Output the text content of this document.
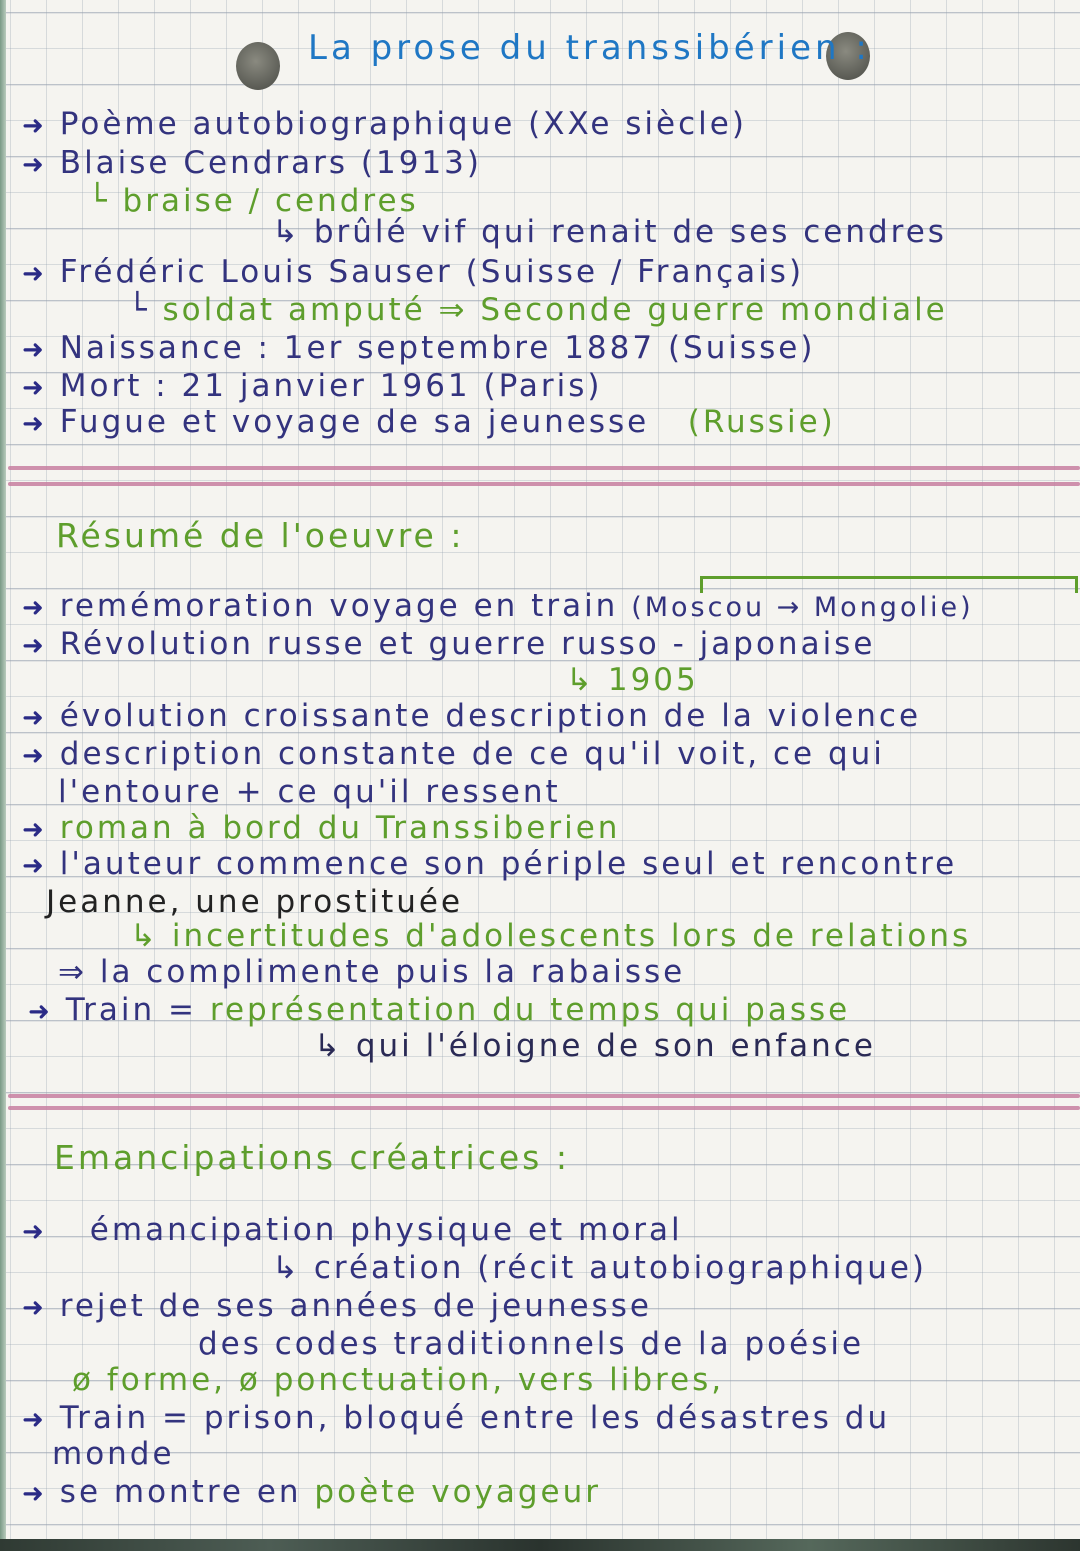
La prose du transsibérien :
➜ Poème autobiographique (XXe siècle)
➜ Blaise Cendrars (1913)
└ braise / cendres
↳ brûlé vif qui renait de ses cendres
➜ Frédéric Louis Sauser (Suisse / Français)
└ soldat amputé ⇒ Seconde guerre mondiale
➜ Naissance : 1er septembre 1887 (Suisse)
➜ Mort : 21 janvier 1961 (Paris)
➜ Fugue et voyage de sa jeunesse (Russie)
Résumé de l'oeuvre :
➜ remémoration voyage en train (Moscou → Mongolie)
➜ Révolution russe et guerre russo - japonaise
↳ 1905
➜ évolution croissante description de la violence
➜ description constante de ce qu'il voit, ce qui
l'entoure + ce qu'il ressent
➜ roman à bord du Transsiberien
➜ l'auteur commence son périple seul et rencontre
Jeanne, une prostituée
↳ incertitudes d'adolescents lors de relations
⇒ la complimente puis la rabaisse
➜ Train = représentation du temps qui passe
↳ qui l'éloigne de son enfance
Emancipations créatrices :
➜ émancipation physique et moral
↳ création (récit autobiographique)
➜ rejet de ses années de jeunesse
des codes traditionnels de la poésie
ø forme, ø ponctuation, vers libres,
➜ Train = prison, bloqué entre les désastres du
monde
➜ se montre en poète voyageur
